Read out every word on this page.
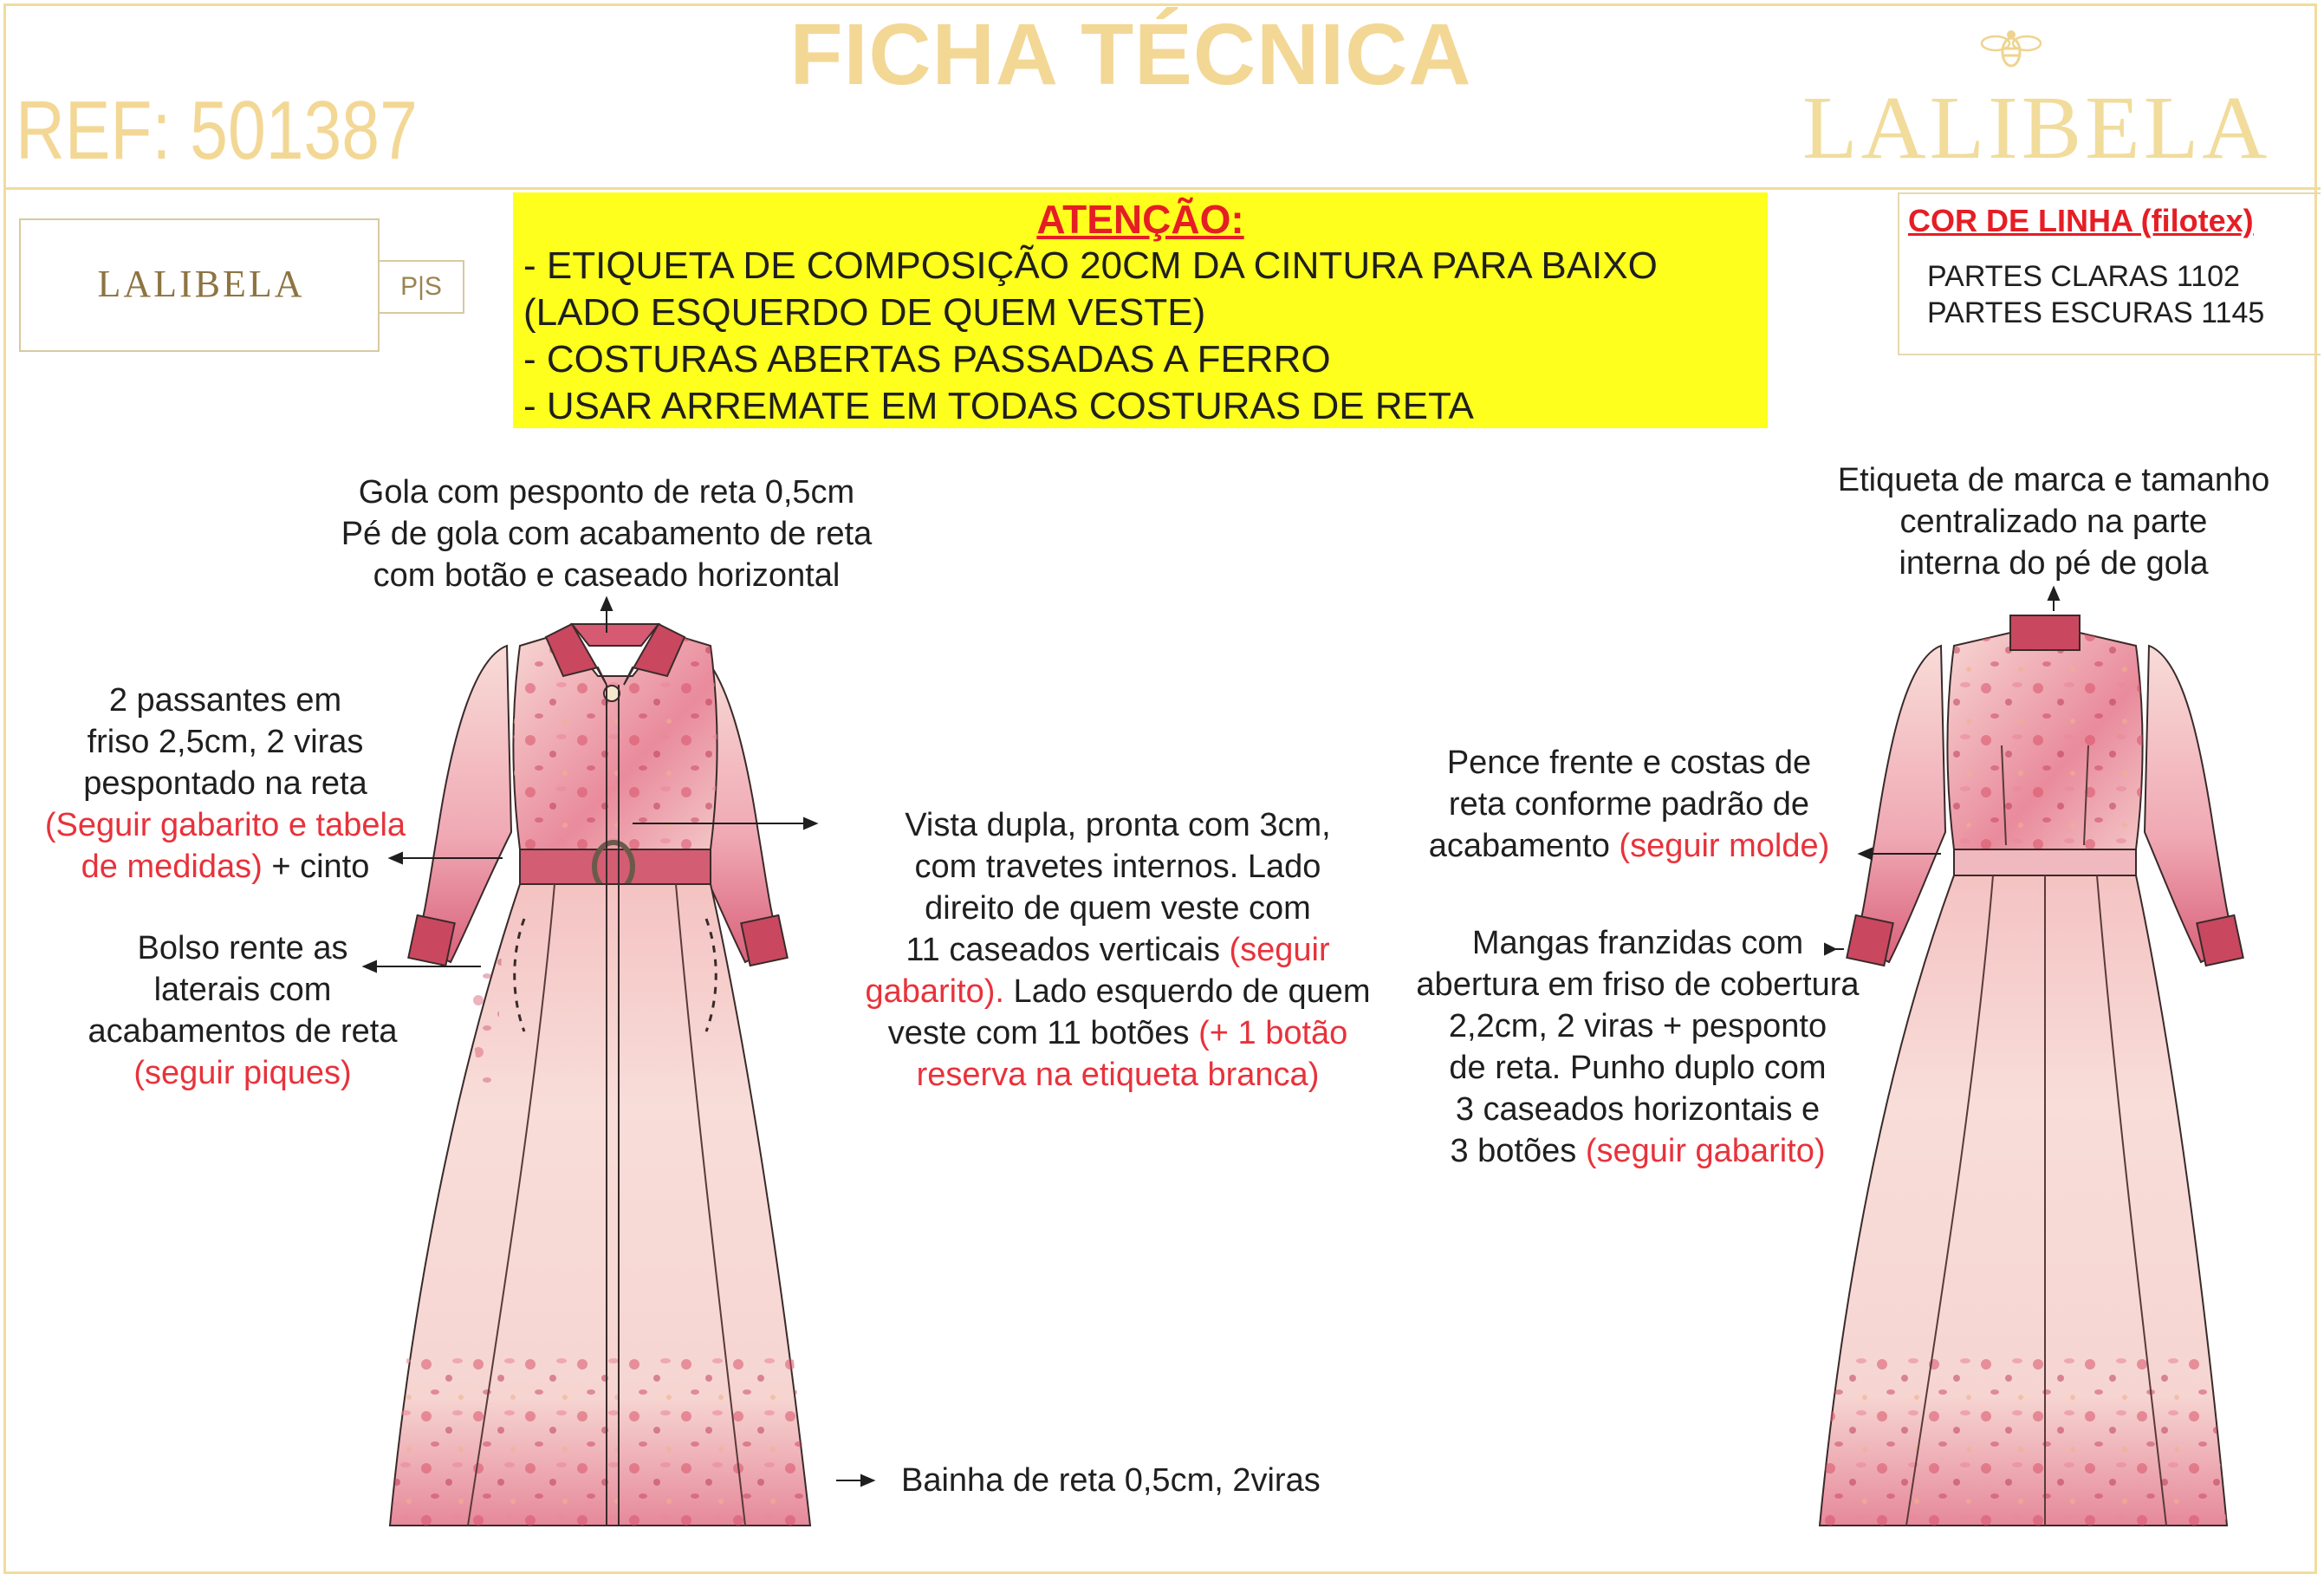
FICHA TÉCNICA
REF: 501387	LALIBELA
LALIBELA	P|S
ATENÇÃO:
- ETIQUETA DE COMPOSIÇÃO 20CM DA CINTURA PARA BAIXO
(LADO ESQUERDO DE QUEM VESTE)
- COSTURAS ABERTAS PASSADAS A FERRO
- USAR ARREMATE EM TODAS COSTURAS DE RETA
COR DE LINHA (filotex)
PARTES CLARAS 1102
PARTES ESCURAS 1145
Gola com pesponto de reta 0,5cm
Pé de gola com acabamento de reta
com botão e caseado horizontal
2 passantes em
friso 2,5cm, 2 viras
pespontado na reta
(Seguir gabarito e tabela
de medidas) + cinto
Bolso rente as
laterais com
acabamentos de reta
(seguir piques)
Vista dupla, pronta com 3cm,
com travetes internos. Lado
direito de quem veste com
11 caseados verticais (seguir
gabarito). Lado esquerdo de quem
veste com 11 botões (+ 1 botão
reserva na etiqueta branca)
Bainha de reta 0,5cm, 2viras
Etiqueta de marca e tamanho
centralizado na parte
interna do pé de gola
Pence frente e costas de
reta conforme padrão de
acabamento (seguir molde)
Mangas franzidas com
abertura em friso de cobertura
2,2cm, 2 viras + pesponto
de reta. Punho duplo com
3 caseados horizontais e
3 botões (seguir gabarito)
